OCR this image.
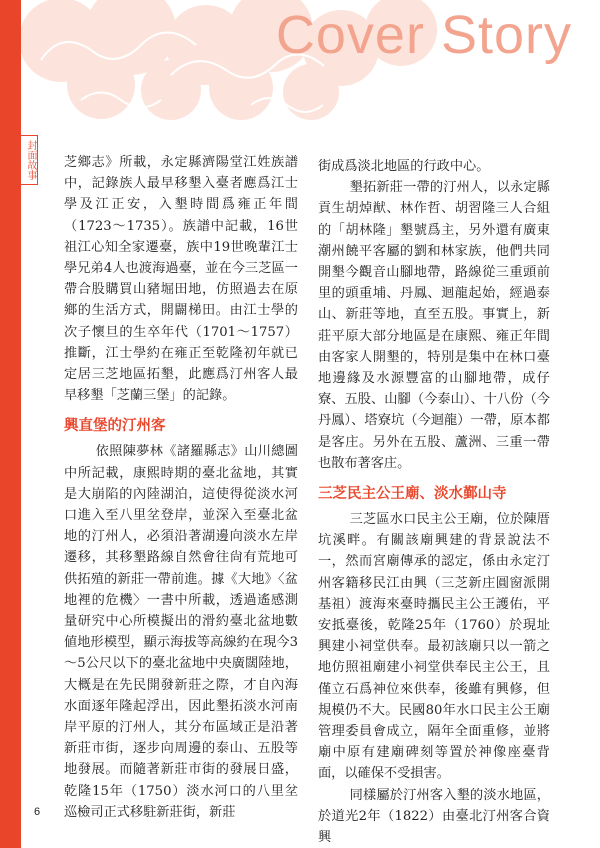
Cover Story
封面故事 芝鄉志》所載，永定縣濟陽堂江姓族譜中，記錄族人最早移墾入臺者應爲江士學及江正安，入墾時間爲雍正年間（1723～1735）。族譜中記載，16世祖江心知全家遷臺，族中19世晚輩江士學兄弟4人也渡海過臺，並在今三芝區一帶合股購買山豬堀田地，仿照過去在原鄉的生活方式，開闢梯田。由江士學的次子懷旦的生卒年代（1701～1757）推斷，江士學約在雍正至乾隆初年就已定居三芝地區拓墾，此應爲汀州客人最早移墾「芝蘭三堡」的記錄。

興直堡的汀州客

依照陳夢林《諸羅縣志》山川總圖中所記載，康熙時期的臺北盆地，其實是大崩陷的內陸湖泊，這使得從淡水河口進入至八里坌登岸，並深入至臺北盆地的汀州人，必須沿著湖邊向淡水左岸遷移，其移墾路線自然會往尙有荒地可供拓殖的新莊一帶前進。據《大地》〈盆地裡的危機〉一書中所載，透過遙感測量研究中心所模擬出的滑約臺北盆地數値地形模型，顯示海拔等高線約在現今3～5公尺以下的臺北盆地中央廣闊陸地，大概是在先民開發新莊之際，才自內海水面逐年隆起浮出，因此墾拓淡水河南岸平原的汀州人，其分布區域正是沿著新莊市街，逐步向周邊的泰山、五股等地發展。而隨著新莊市街的發展日盛，乾隆15年（1750）淡水河口的八里坌巡檢司正式移駐新莊街，新莊

街成爲淡北地區的行政中心。

墾拓新莊一帶的汀州人，以永定縣貢生胡焯猷、林作哲、胡習隆三人合組的「胡林隆」墾號爲主，另外還有廣東潮州饒平客屬的劉和林家族，他們共同開墾今觀音山腳地帶，路線從三重頭前里的頭重埔、丹鳳、迴龍起始，經過泰山、新莊等地，直至五股。事實上，新莊平原大部分地區是在康熙、雍正年間由客家人開墾的，特別是集中在林口臺地邊緣及水源豐富的山腳地帶，成仔寮、五股、山腳（今泰山）、十八份（今丹鳳）、塔寮坑（今迴龍）一帶，原本都是客庄。另外在五股、蘆洲、三重一帶也散布著客庄。

三芝民主公王廟、淡水鄞山寺

三芝區水口民主公王廟，位於陳厝坑溪畔。有關該廟興建的背景說法不一，然而宮廟傳承的認定，係由永定汀州客籍移民江由興（三芝新庄圓窗派開基祖）渡海來臺時攜民主公王護佑，平安抵臺後，乾隆25年（1760）於現址興建小祠堂供奉。最初該廟只以一箭之地仿照祖廟建小祠堂供奉民主公王，且僅立石爲神位來供奉，後雖有興修，但規模仍不大。民國80年水口民主公王廟管理委員會成立，隔年全面重修，並將廟中原有建廟碑刻等置於神像座臺背面，以確保不受損害。

同樣屬於汀州客入墾的淡水地區，於道光2年（1822）由臺北汀州客合資興

6
